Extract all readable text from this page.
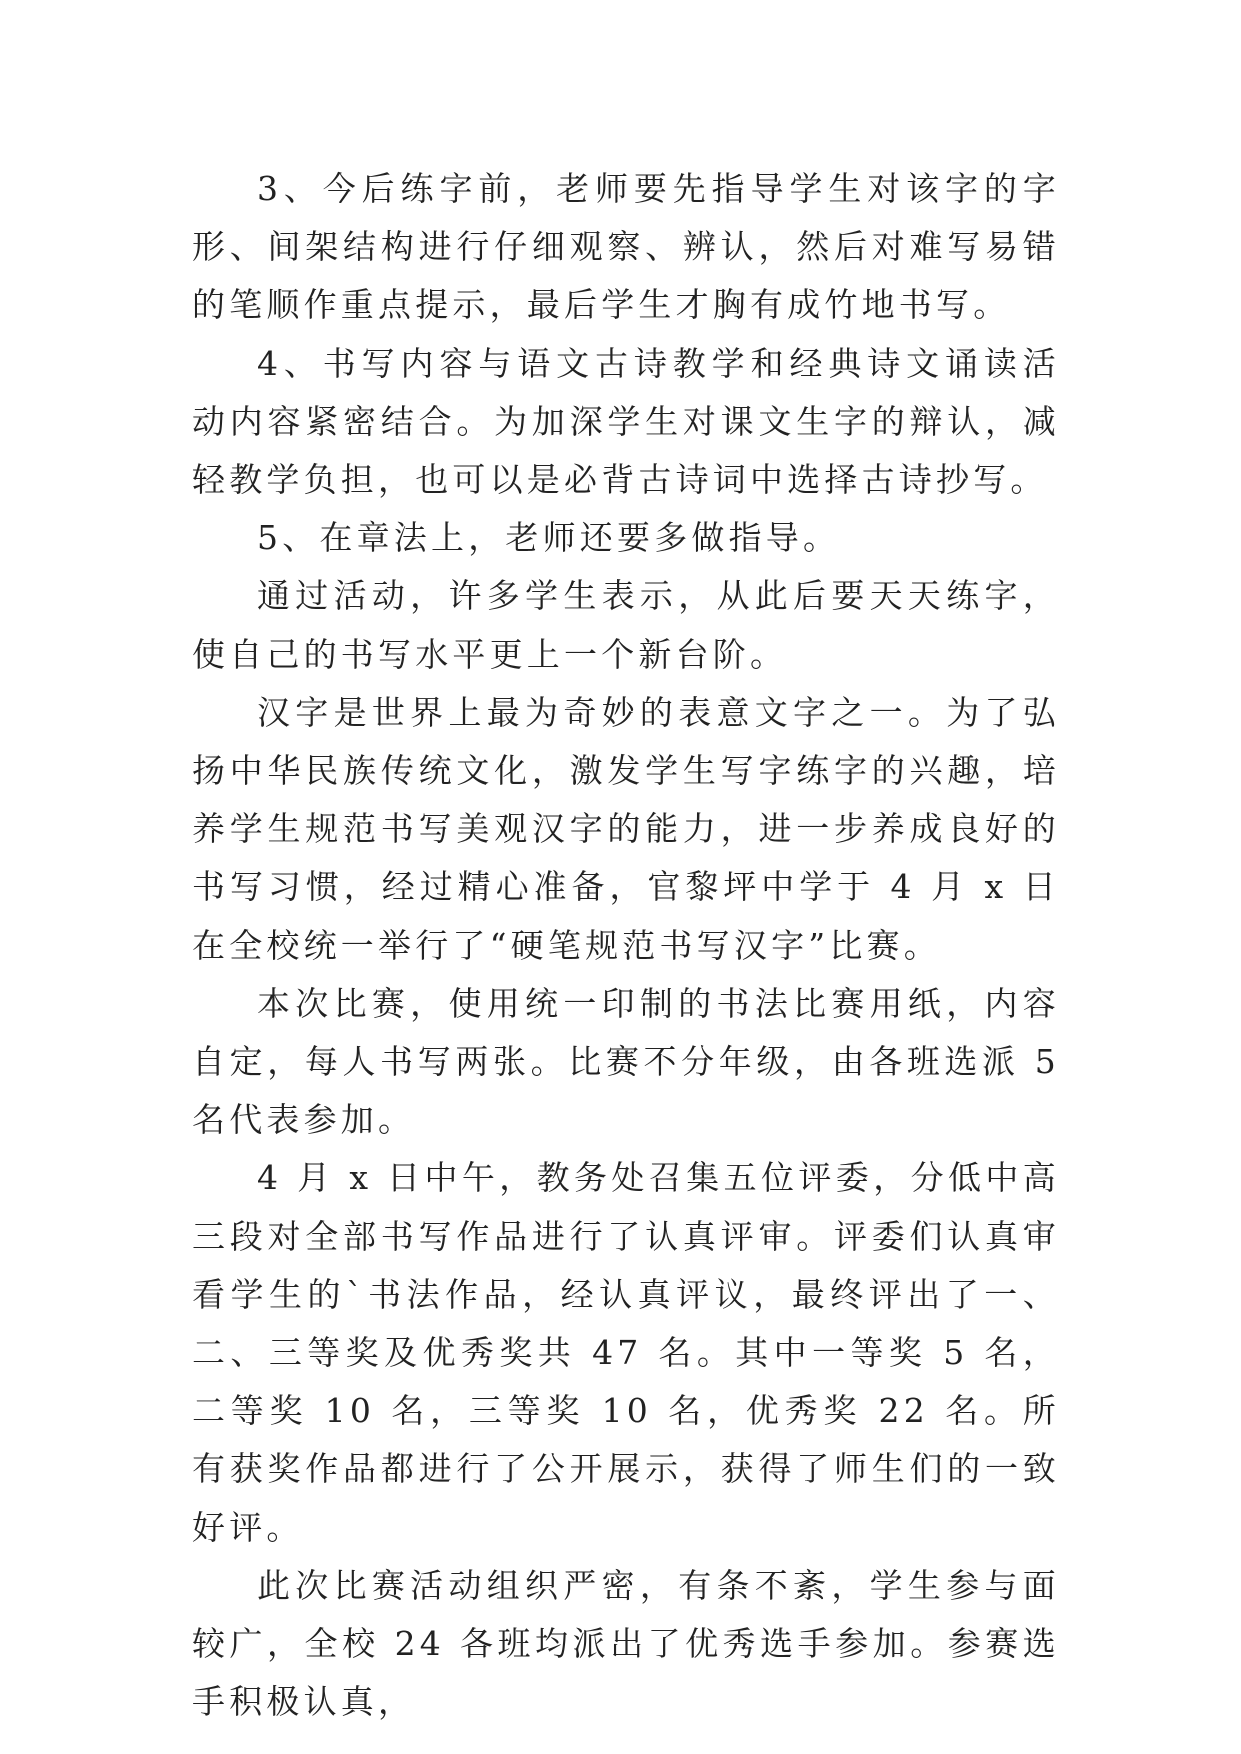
3、今后练字前，老师要先指导学生对该字的字形、间架结构进行仔细观察、辨认，然后对难写易错的笔顺作重点提示，最后学生才胸有成竹地书写。

4、书写内容与语文古诗教学和经典诗文诵读活动内容紧密结合。为加深学生对课文生字的辩认，减轻教学负担，也可以是必背古诗词中选择古诗抄写。

5、在章法上，老师还要多做指导。

通过活动，许多学生表示，从此后要天天练字，使自己的书写水平更上一个新台阶。

汉字是世界上最为奇妙的表意文字之一。为了弘扬中华民族传统文化，激发学生写字练字的兴趣，培养学生规范书写美观汉字的能力，进一步养成良好的书写习惯，经过精心准备，官黎坪中学于 4 月 x 日在全校统一举行了“硬笔规范书写汉字”比赛。

本次比赛，使用统一印制的书法比赛用纸，内容自定，每人书写两张。比赛不分年级，由各班选派 5 名代表参加。

4 月 x 日中午，教务处召集五位评委，分低中高三段对全部书写作品进行了认真评审。评委们认真审看学生的`书法作品，经认真评议，最终评出了一、二、三等奖及优秀奖共 47 名。其中一等奖 5 名，二等奖 10 名，三等奖 10 名，优秀奖 22 名。所有获奖作品都进行了公开展示，获得了师生们的一致好评。

此次比赛活动组织严密，有条不紊，学生参与面较广，全校 24 各班均派出了优秀选手参加。参赛选手积极认真，
